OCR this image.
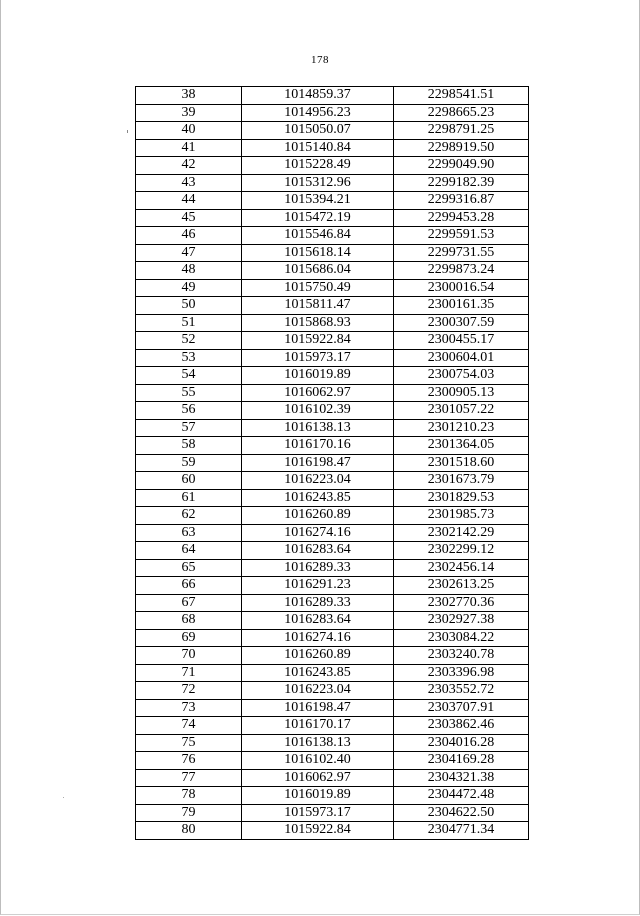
178
38	1014859.37	2298541.51
39	1014956.23	2298665.23
40	1015050.07	2298791.25
41	1015140.84	2298919.50
42	1015228.49	2299049.90
43	1015312.96	2299182.39
44	1015394.21	2299316.87
45	1015472.19	2299453.28
46	1015546.84	2299591.53
47	1015618.14	2299731.55
48	1015686.04	2299873.24
49	1015750.49	2300016.54
50	1015811.47	2300161.35
51	1015868.93	2300307.59
52	1015922.84	2300455.17
53	1015973.17	2300604.01
54	1016019.89	2300754.03
55	1016062.97	2300905.13
56	1016102.39	2301057.22
57	1016138.13	2301210.23
58	1016170.16	2301364.05
59	1016198.47	2301518.60
60	1016223.04	2301673.79
61	1016243.85	2301829.53
62	1016260.89	2301985.73
63	1016274.16	2302142.29
64	1016283.64	2302299.12
65	1016289.33	2302456.14
66	1016291.23	2302613.25
67	1016289.33	2302770.36
68	1016283.64	2302927.38
69	1016274.16	2303084.22
70	1016260.89	2303240.78
71	1016243.85	2303396.98
72	1016223.04	2303552.72
73	1016198.47	2303707.91
74	1016170.17	2303862.46
75	1016138.13	2304016.28
76	1016102.40	2304169.28
77	1016062.97	2304321.38
78	1016019.89	2304472.48
79	1015973.17	2304622.50
80	1015922.84	2304771.34
